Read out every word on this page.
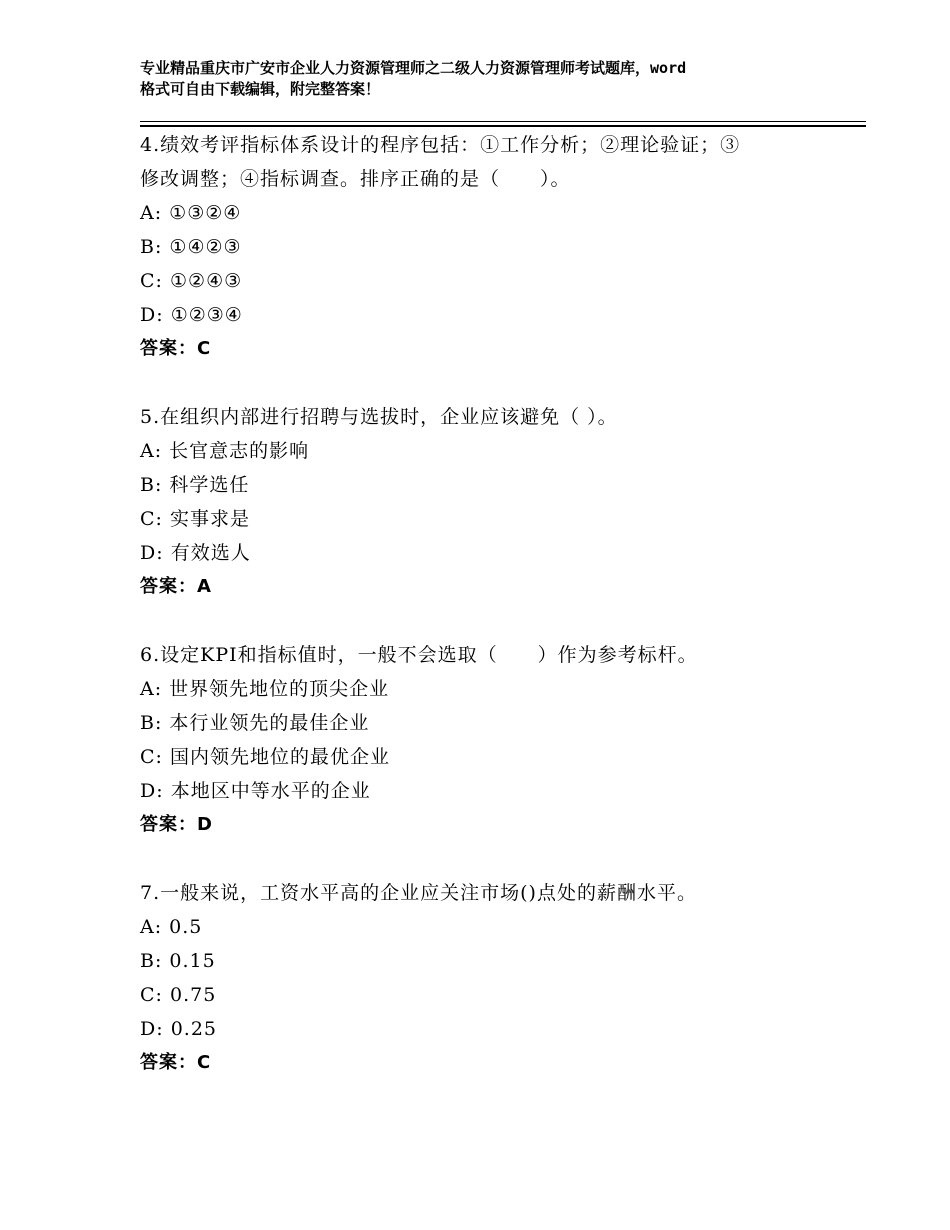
专业精品重庆市广安市企业人力资源管理师之二级人力资源管理师考试题库，word
格式可自由下载编辑，附完整答案！
4.绩效考评指标体系设计的程序包括：①工作分析；②理论验证；③
修改调整；④指标调查。排序正确的是（　　）。
A: ①③②④
B: ①④②③
C: ①②④③
D: ①②③④
答案：C
5.在组织内部进行招聘与选拔时，企业应该避免（ ）。
A: 长官意志的影响
B: 科学选任
C: 实事求是
D: 有效选人
答案：A
6.设定KPI和指标值时，一般不会选取（　　）作为参考标杆。
A: 世界领先地位的顶尖企业
B: 本行业领先的最佳企业
C: 国内领先地位的最优企业
D: 本地区中等水平的企业
答案：D
7.一般来说，工资水平高的企业应关注市场()点处的薪酬水平。
A: 0.5
B: 0.15
C: 0.75
D: 0.25
答案：C
